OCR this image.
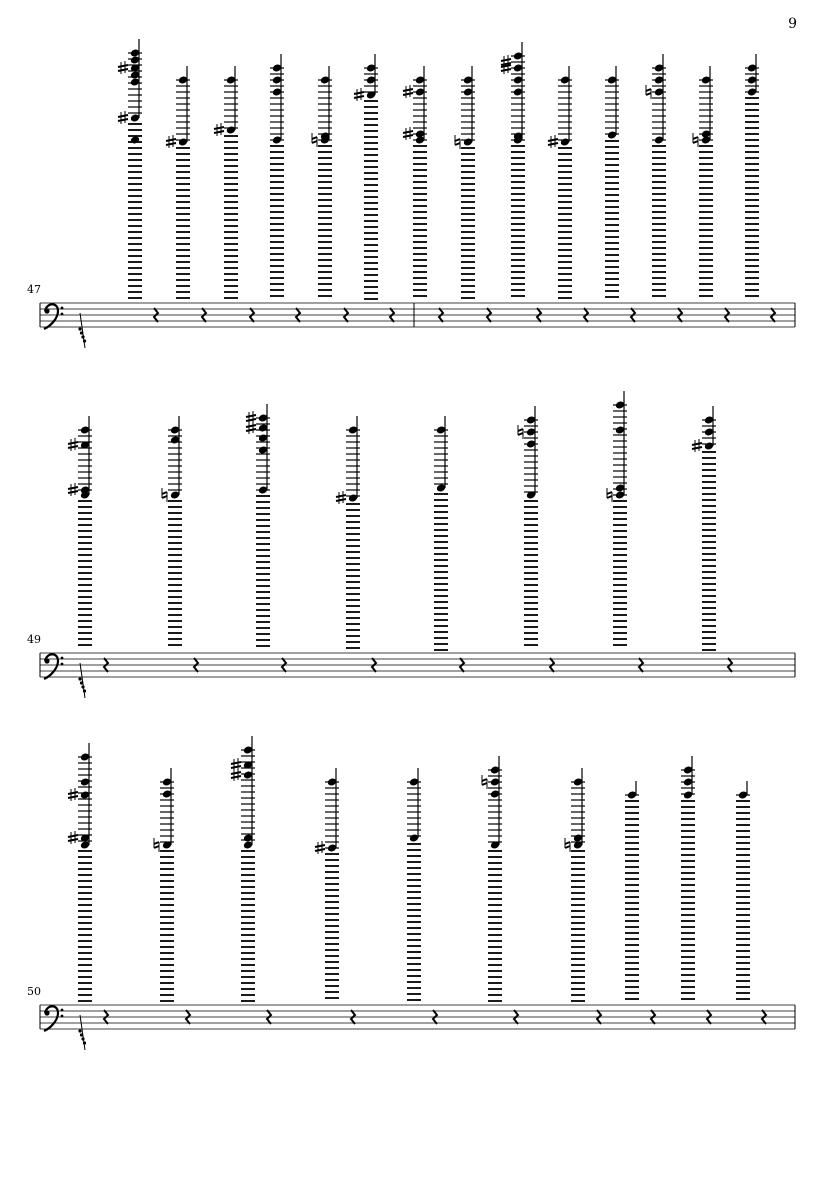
9
47
49
50
